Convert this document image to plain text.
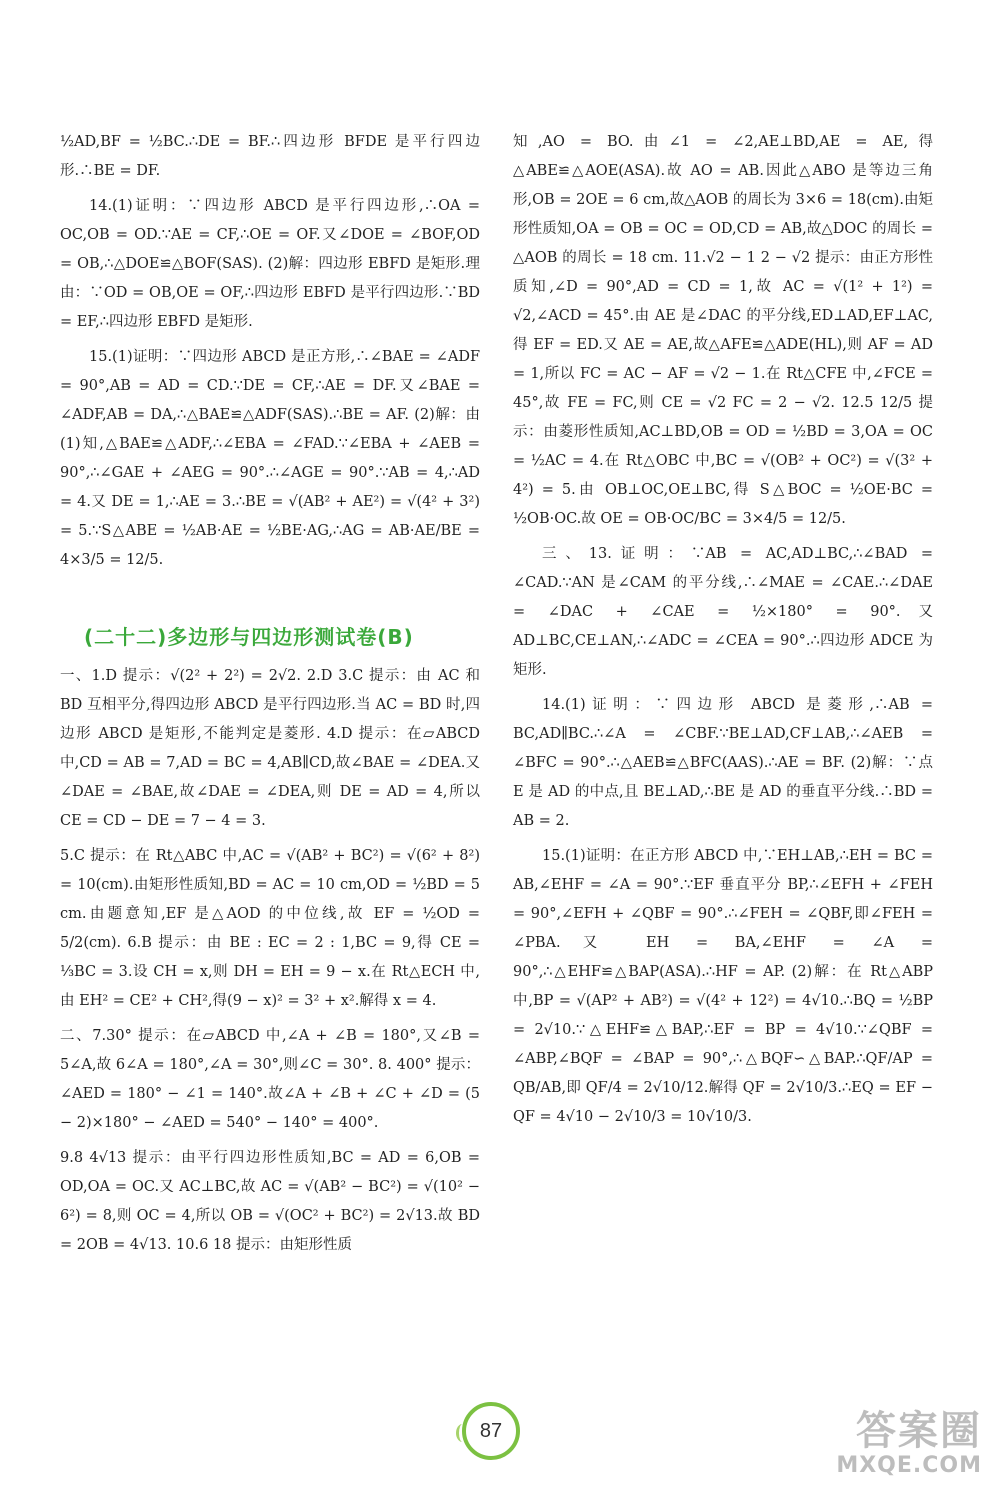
½AD,BF = ½BC.∴DE = BF.∴四边形 BFDE 是平行四边形.∴BE = DF.

14.(1)证明：∵四边形 ABCD 是平行四边形,∴OA = OC,OB = OD.∵AE = CF,∴OE = OF.又∠DOE = ∠BOF,OD = OB,∴△DOE≌△BOF(SAS). (2)解：四边形 EBFD 是矩形.理由：∵OD = OB,OE = OF,∴四边形 EBFD 是平行四边形.∵BD = EF,∴四边形 EBFD 是矩形.

15.(1)证明：∵四边形 ABCD 是正方形,∴∠BAE = ∠ADF = 90°,AB = AD = CD.∵DE = CF,∴AE = DF.又∠BAE = ∠ADF,AB = DA,∴△BAE≌△ADF(SAS).∴BE = AF. (2)解：由(1)知,△BAE≌△ADF,∴∠EBA = ∠FAD.∵∠EBA + ∠AEB = 90°,∴∠GAE + ∠AEG = 90°.∴∠AGE = 90°.∵AB = 4,∴AD = 4.又 DE = 1,∴AE = 3.∴BE = √(AB² + AE²) = √(4² + 3²) = 5.∵S△ABE = ½AB·AE = ½BE·AG,∴AG = AB·AE/BE = 4×3/5 = 12/5.

(二十二)多边形与四边形测试卷(B)

一、1.D 提示：√(2² + 2²) = 2√2. 2.D 3.C 提示：由 AC 和 BD 互相平分,得四边形 ABCD 是平行四边形.当 AC = BD 时,四边形 ABCD 是矩形,不能判定是菱形. 4.D 提示：在▱ABCD 中,CD = AB = 7,AD = BC = 4,AB∥CD,故∠BAE = ∠DEA.又∠DAE = ∠BAE,故∠DAE = ∠DEA,则 DE = AD = 4,所以 CE = CD − DE = 7 − 4 = 3.

5.C 提示：在 Rt△ABC 中,AC = √(AB² + BC²) = √(6² + 8²) = 10(cm).由矩形性质知,BD = AC = 10 cm,OD = ½BD = 5 cm.由题意知,EF 是△AOD 的中位线,故 EF = ½OD = 5/2(cm). 6.B 提示：由 BE : EC = 2 : 1,BC = 9,得 CE = ⅓BC = 3.设 CH = x,则 DH = EH = 9 − x.在 Rt△ECH 中,由 EH² = CE² + CH²,得(9 − x)² = 3² + x².解得 x = 4.

二、7.30° 提示：在▱ABCD 中,∠A + ∠B = 180°,又∠B = 5∠A,故 6∠A = 180°,∠A = 30°,则∠C = 30°. 8. 400° 提示：∠AED = 180° − ∠1 = 140°.故∠A + ∠B + ∠C + ∠D = (5 − 2)×180° − ∠AED = 540° − 140° = 400°.

9.8 4√13 提示：由平行四边形性质知,BC = AD = 6,OB = OD,OA = OC.又 AC⊥BC,故 AC = √(AB² − BC²) = √(10² − 6²) = 8,则 OC = 4,所以 OB = √(OC² + BC²) = 2√13.故 BD = 2OB = 4√13. 10.6 18 提示：由矩形性质

知,AO = BO.由∠1 = ∠2,AE⊥BD,AE = AE,得△ABE≌△AOE(ASA).故 AO = AB.因此△ABO 是等边三角形,OB = 2OE = 6 cm,故△AOB 的周长为 3×6 = 18(cm).由矩形性质知,OA = OB = OC = OD,CD = AB,故△DOC 的周长 = △AOB 的周长 = 18 cm. 11.√2 − 1 2 − √2 提示：由正方形性质知,∠D = 90°,AD = CD = 1,故 AC = √(1² + 1²) = √2,∠ACD = 45°.由 AE 是∠DAC 的平分线,ED⊥AD,EF⊥AC,得 EF = ED.又 AE = AE,故△AFE≌△ADE(HL),则 AF = AD = 1,所以 FC = AC − AF = √2 − 1.在 Rt△CFE 中,∠FCE = 45°,故 FE = FC,则 CE = √2 FC = 2 − √2. 12.5 12/5 提示：由菱形性质知,AC⊥BD,OB = OD = ½BD = 3,OA = OC = ½AC = 4.在 Rt△OBC 中,BC = √(OB² + OC²) = √(3² + 4²) = 5.由 OB⊥OC,OE⊥BC,得 S△BOC = ½OE·BC = ½OB·OC.故 OE = OB·OC/BC = 3×4/5 = 12/5.

三、13.证明：∵AB = AC,AD⊥BC,∴∠BAD = ∠CAD.∵AN 是∠CAM 的平分线,∴∠MAE = ∠CAE.∴∠DAE = ∠DAC + ∠CAE = ½×180° = 90°.又 AD⊥BC,CE⊥AN,∴∠ADC = ∠CEA = 90°.∴四边形 ADCE 为矩形.

14.(1)证明：∵四边形 ABCD 是菱形,∴AB = BC,AD∥BC.∴∠A = ∠CBF.∵BE⊥AD,CF⊥AB,∴∠AEB = ∠BFC = 90°.∴△AEB≌△BFC(AAS).∴AE = BF. (2)解：∵点 E 是 AD 的中点,且 BE⊥AD,∴BE 是 AD 的垂直平分线.∴BD = AB = 2.

15.(1)证明：在正方形 ABCD 中,∵EH⊥AB,∴EH = BC = AB,∠EHF = ∠A = 90°.∵EF 垂直平分 BP,∴∠EFH + ∠FEH = 90°,∠EFH + ∠QBF = 90°.∴∠FEH = ∠QBF,即∠FEH = ∠PBA.又 EH = BA,∠EHF = ∠A = 90°,∴△EHF≌△BAP(ASA).∴HF = AP. (2)解：在 Rt△ABP 中,BP = √(AP² + AB²) = √(4² + 12²) = 4√10.∴BQ = ½BP = 2√10.∵△EHF≌△BAP,∴EF = BP = 4√10.∵∠QBF = ∠ABP,∠BQF = ∠BAP = 90°,∴△BQF∽△BAP.∴QF/AP = QB/AB,即 QF/4 = 2√10/12.解得 QF = 2√10/3.∴EQ = EF − QF = 4√10 − 2√10/3 = 10√10/3.

87	答案圈
MXQE.COM
